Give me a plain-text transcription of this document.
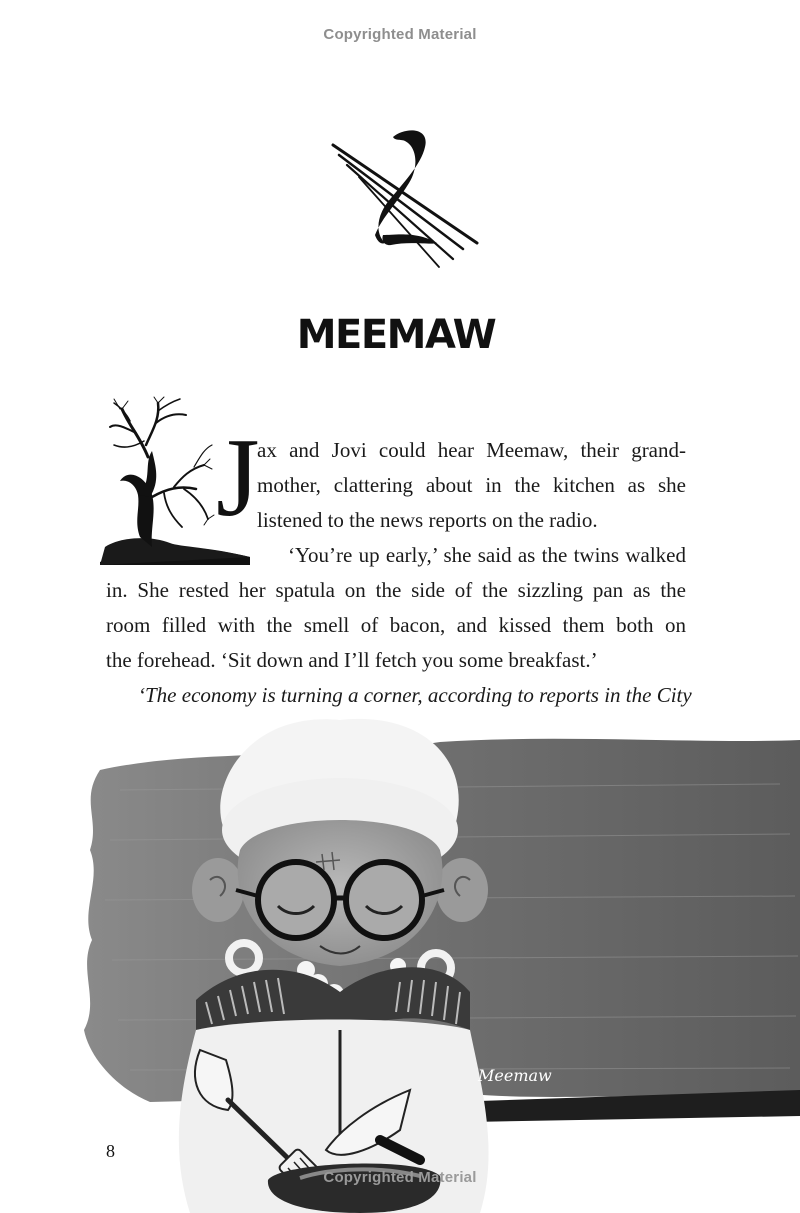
Copyrighted Material
MEEMAW
J
ax and Jovi could hear Meemaw, their grand-
mother, clattering about in the kitchen as she
listened to the news reports on the radio.
‘You’re up early,’ she said as the twins walked
in. She rested her spatula on the side of the sizzling pan as the
room filled with the smell of bacon, and kissed them both on
the forehead. ‘Sit down and I’ll fetch you some breakfast.’
‘The economy is turning a corner, according to reports in the City
Meemaw
8
Copyrighted Material
